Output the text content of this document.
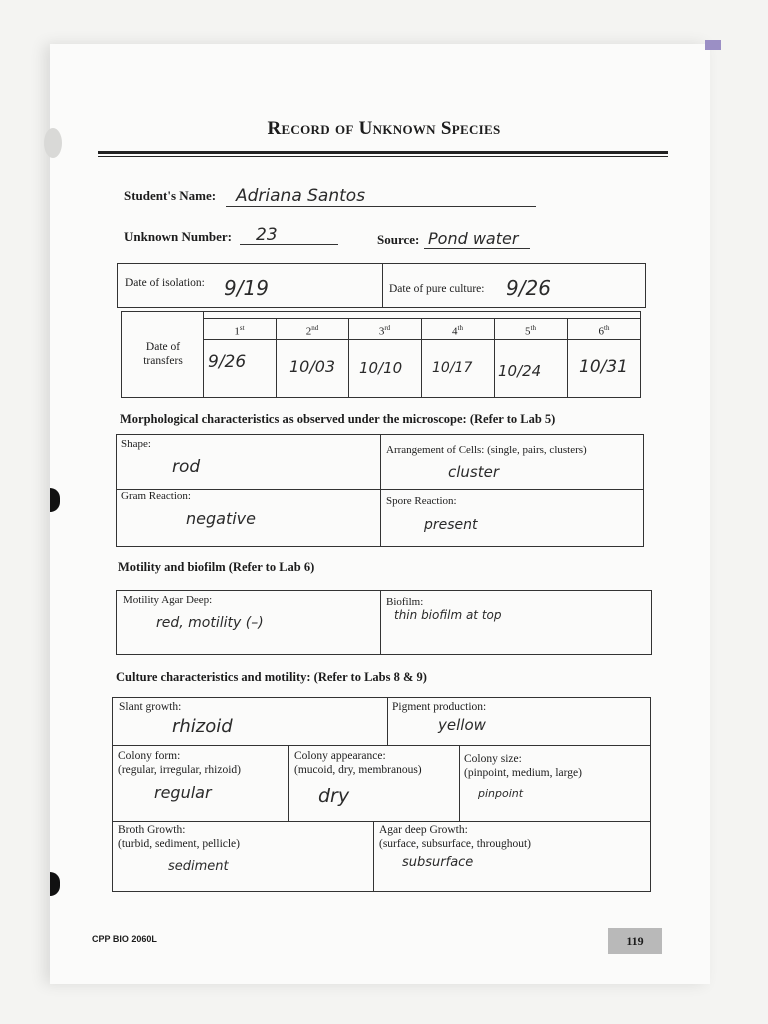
Record of Unknown Species
Student's Name: Adriana Santos
Unknown Number: 23	Source: Pond water
Date of isolation: 9/19	Date of pure culture: 9/26
Date of
transfers
1st	2nd	3rd	4th	5th	6th
9/26	10/03 10/10 10/17 10/24 10/31
Morphological characteristics as observed under the microscope: (Refer to Lab 5)
Shape:
rod
Arrangement of Cells: (single, pairs, clusters)
cluster
Gram Reaction:
negative
Spore Reaction:
present
Motility and biofilm (Refer to Lab 6)
Motility Agar Deep:
red, motility (–)
Biofilm:
thin biofilm at top
Culture characteristics and motility: (Refer to Labs 8 & 9)
Slant growth:
rhizoid
Pigment production:
yellow
Colony form:
(regular, irregular, rhizoid)
regular
Colony appearance:
(mucoid, dry, membranous)
dry
Colony size:
(pinpoint, medium, large)
pinpoint
Broth Growth:
(turbid, sediment, pellicle)
sediment
Agar deep Growth:
(surface, subsurface, throughout)
subsurface
CPP BIO 2060L	119
